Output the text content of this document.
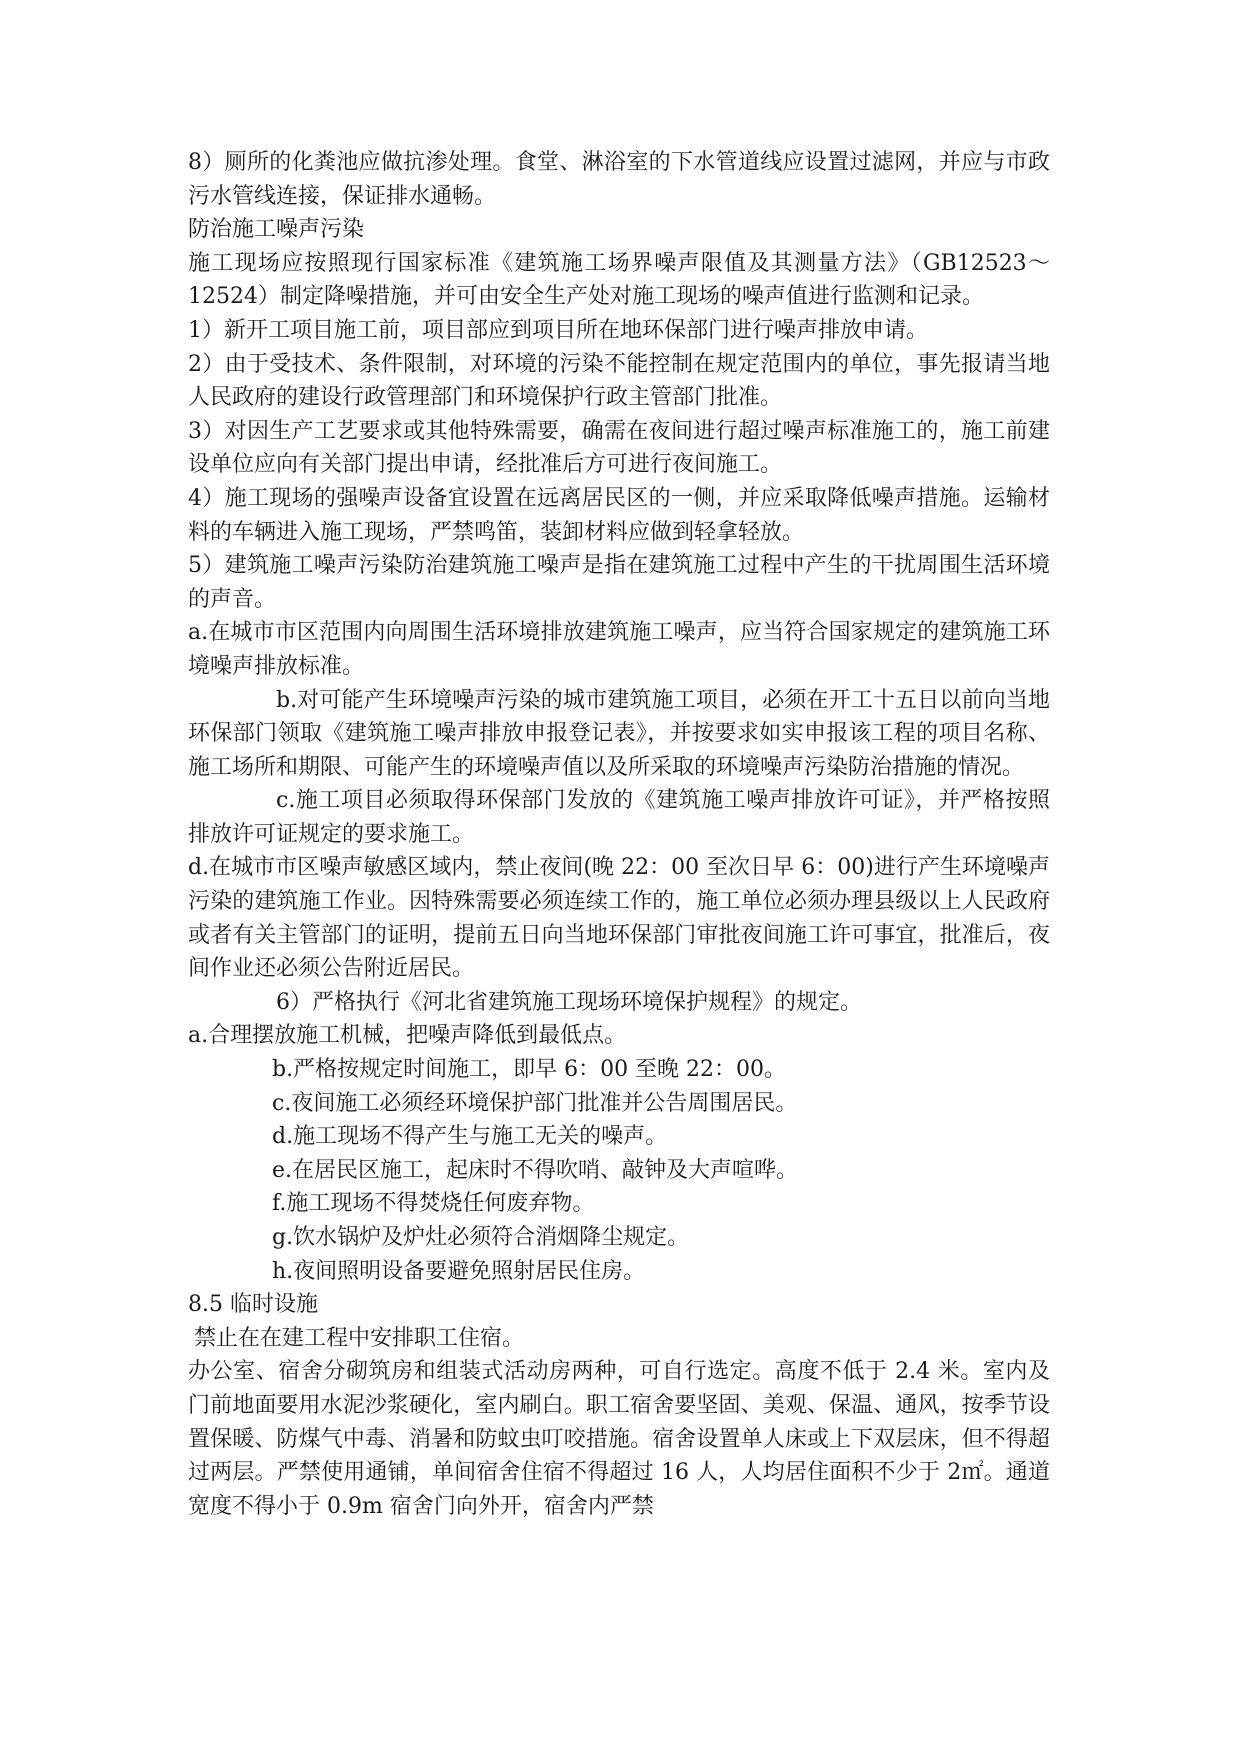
8）厕所的化粪池应做抗渗处理。食堂、淋浴室的下水管道线应设置过滤网，并应与市政污水管线连接，保证排水通畅。

防治施工噪声污染

施工现场应按照现行国家标准《建筑施工场界噪声限值及其测量方法》（GB12523～12524）制定降噪措施，并可由安全生产处对施工现场的噪声值进行监测和记录。

1）新开工项目施工前，项目部应到项目所在地环保部门进行噪声排放申请。

2）由于受技术、条件限制，对环境的污染不能控制在规定范围内的单位，事先报请当地人民政府的建设行政管理部门和环境保护行政主管部门批准。

3）对因生产工艺要求或其他特殊需要，确需在夜间进行超过噪声标准施工的，施工前建设单位应向有关部门提出申请，经批准后方可进行夜间施工。

4）施工现场的强噪声设备宜设置在远离居民区的一侧，并应采取降低噪声措施。运输材料的车辆进入施工现场，严禁鸣笛，装卸材料应做到轻拿轻放。

5）建筑施工噪声污染防治建筑施工噪声是指在建筑施工过程中产生的干扰周围生活环境的声音。

a.在城市市区范围内向周围生活环境排放建筑施工噪声，应当符合国家规定的建筑施工环境噪声排放标准。

b.对可能产生环境噪声污染的城市建筑施工项目，必须在开工十五日以前向当地环保部门领取《建筑施工噪声排放申报登记表》，并按要求如实申报该工程的项目名称、施工场所和期限、可能产生的环境噪声值以及所采取的环境噪声污染防治措施的情况。

c.施工项目必须取得环保部门发放的《建筑施工噪声排放许可证》，并严格按照排放许可证规定的要求施工。

d.在城市市区噪声敏感区域内，禁止夜间(晚 22：00 至次日早 6：00)进行产生环境噪声污染的建筑施工作业。因特殊需要必须连续工作的，施工单位必须办理县级以上人民政府或者有关主管部门的证明，提前五日向当地环保部门审批夜间施工许可事宜，批准后，夜间作业还必须公告附近居民。

6）严格执行《河北省建筑施工现场环境保护规程》的规定。

a.合理摆放施工机械，把噪声降低到最低点。

b.严格按规定时间施工，即早 6：00 至晚 22：00。

c.夜间施工必须经环境保护部门批准并公告周围居民。

d.施工现场不得产生与施工无关的噪声。

e.在居民区施工，起床时不得吹哨、敲钟及大声喧哗。

f.施工现场不得焚烧任何废弃物。

g.饮水锅炉及炉灶必须符合消烟降尘规定。

h.夜间照明设备要避免照射居民住房。

8.5 临时设施

禁止在在建工程中安排职工住宿。

办公室、宿舍分砌筑房和组装式活动房两种，可自行选定。高度不低于 2.4 米。室内及门前地面要用水泥沙浆硬化，室内刷白。职工宿舍要坚固、美观、保温、通风，按季节设置保暖、防煤气中毒、消暑和防蚊虫叮咬措施。宿舍设置单人床或上下双层床，但不得超过两层。严禁使用通铺，单间宿舍住宿不得超过 16 人，人均居住面积不少于 2㎡。通道宽度不得小于 0.9m 宿舍门向外开，宿舍内严禁
